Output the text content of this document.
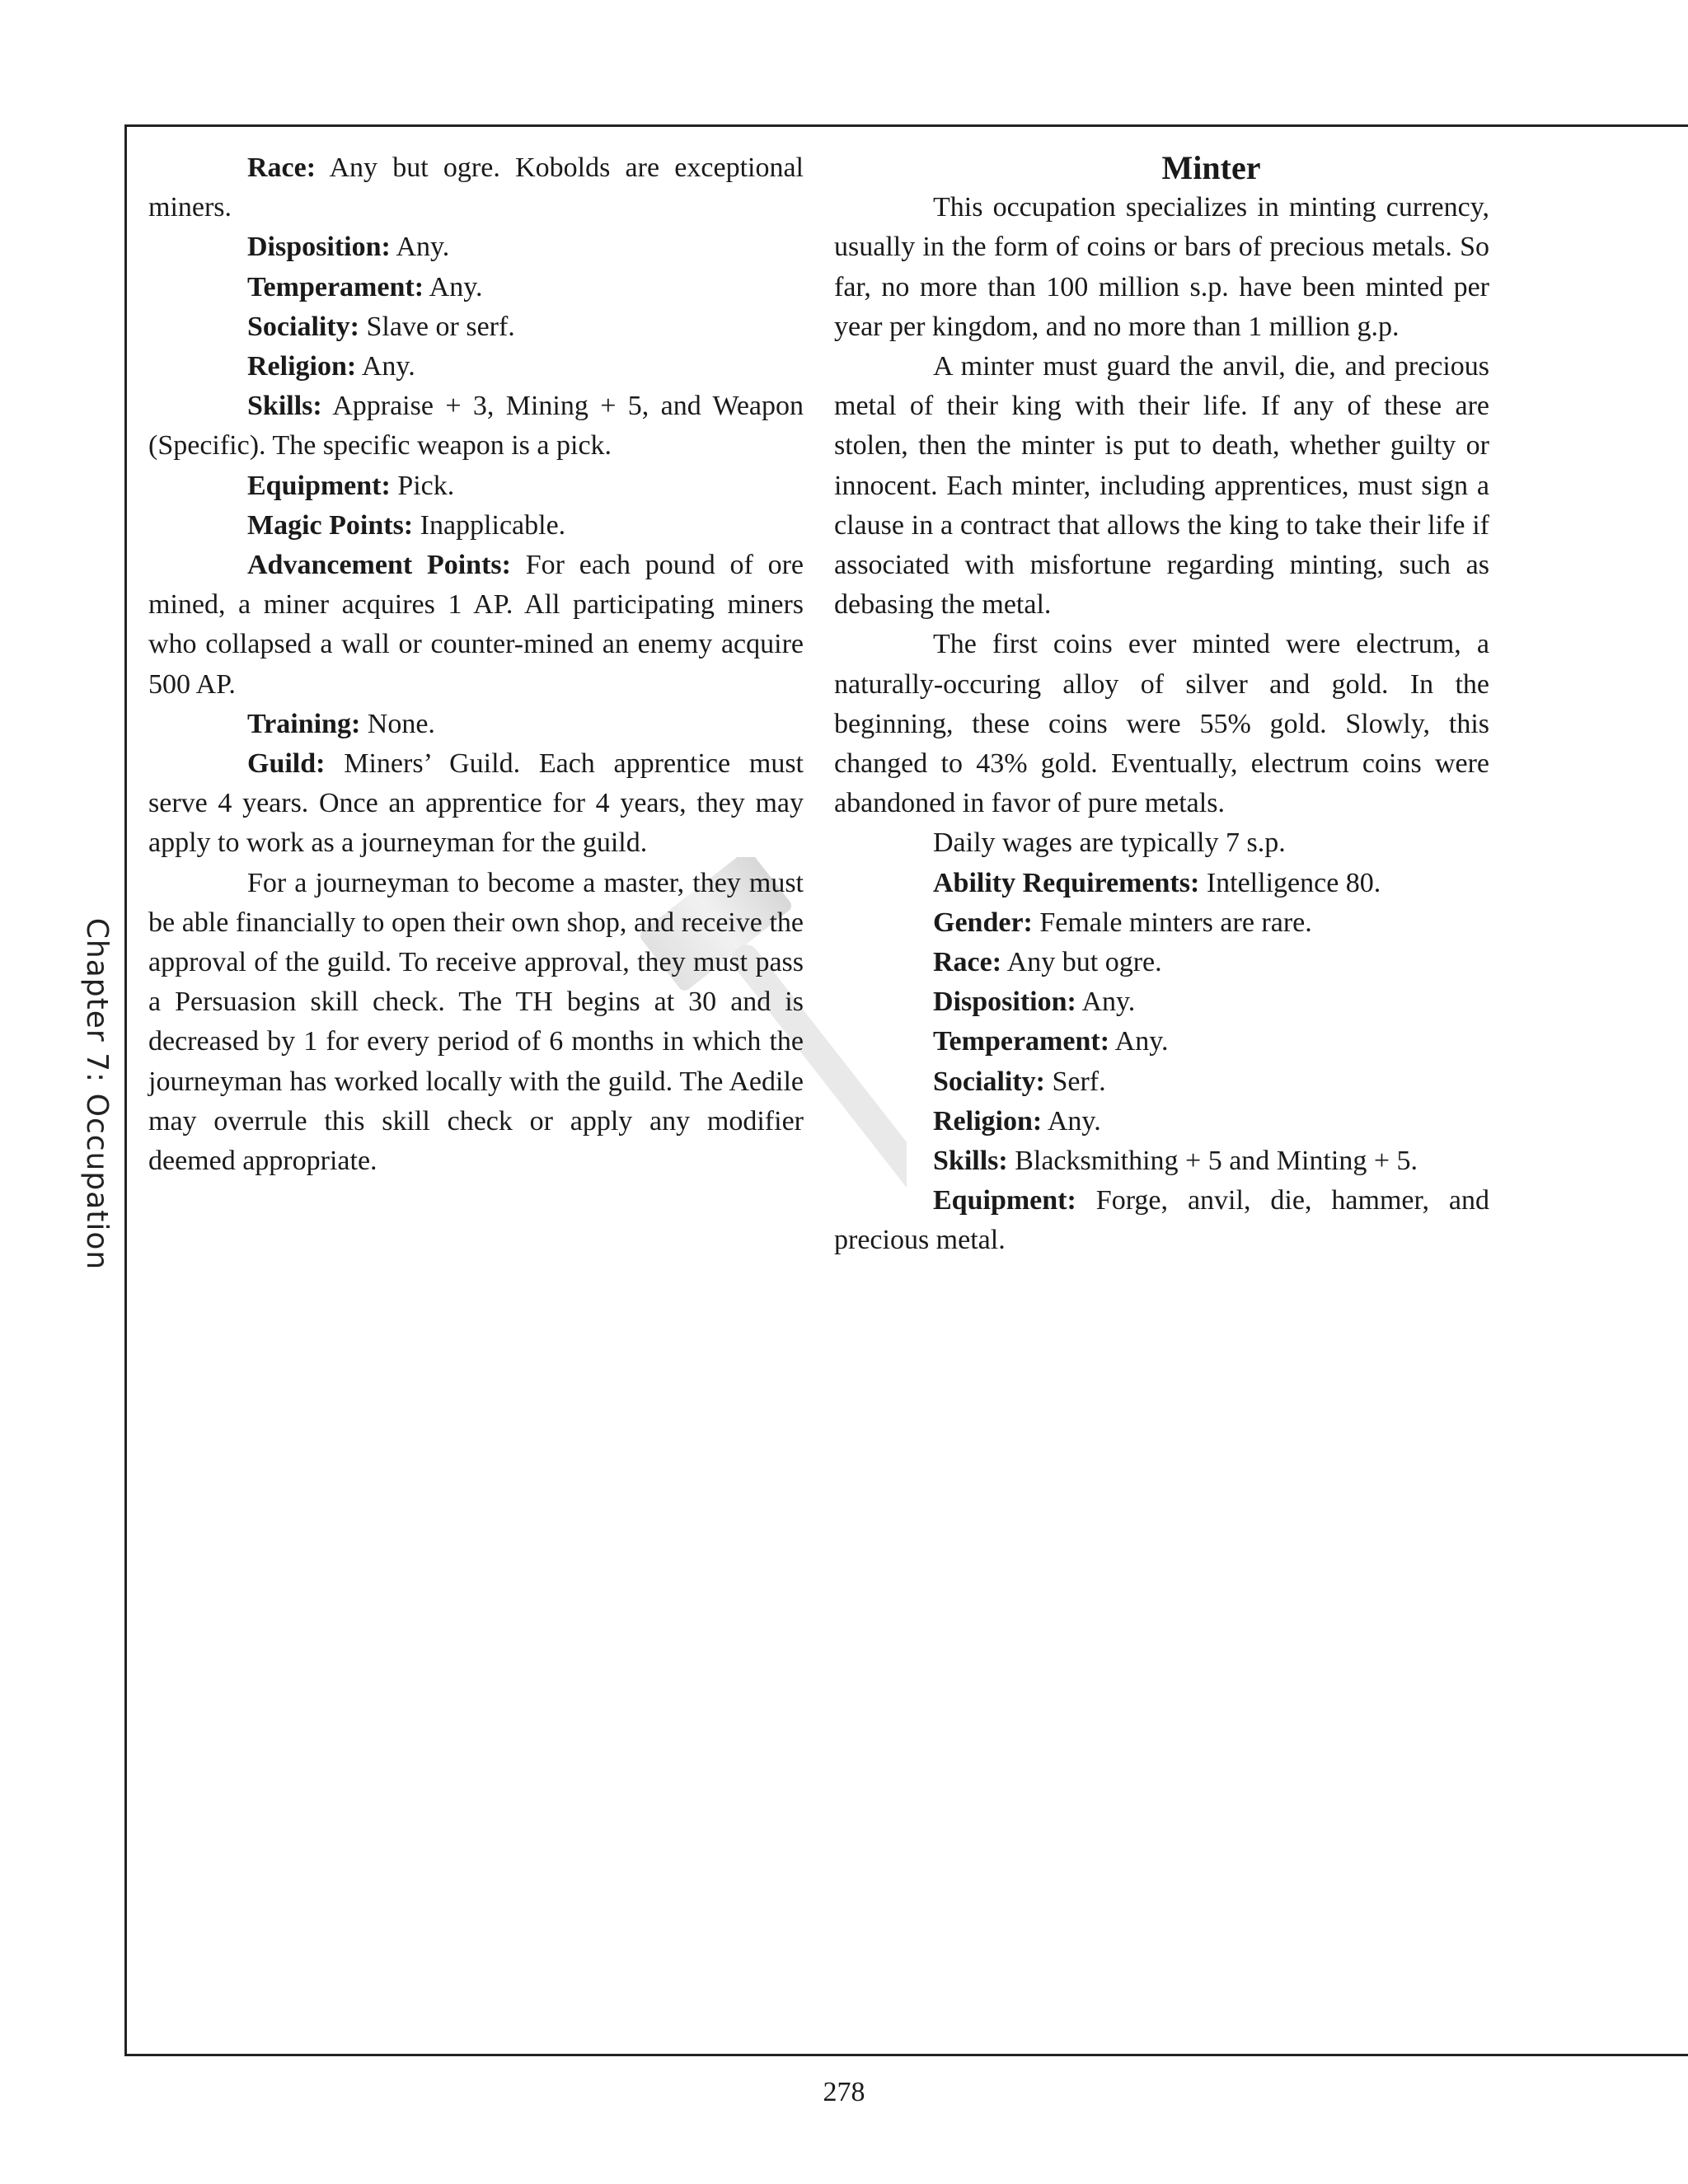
Chapter 7: Occupation

Race: Any but ogre. Kobolds are exceptional miners.

Disposition: Any.

Temperament: Any.

Sociality: Slave or serf.

Religion: Any.

Skills: Appraise + 3, Mining + 5, and Weapon (Specific). The specific weapon is a pick.

Equipment: Pick.

Magic Points: Inapplicable.

Advancement Points: For each pound of ore mined, a miner acquires 1 AP. All participating miners who collapsed a wall or counter-mined an enemy acquire 500 AP.

Training: None.

Guild: Miners’ Guild. Each apprentice must serve 4 years. Once an apprentice for 4 years, they may apply to work as a journeyman for the guild.

For a journeyman to become a master, they must be able financially to open their own shop, and receive the approval of the guild. To receive approval, they must pass a Persuasion skill check. The TH begins at 30 and is decreased by 1 for every period of 6 months in which the journeyman has worked locally with the guild. The Aedile may overrule this skill check or apply any modifier deemed appropriate.

Minter

This occupation specializes in minting currency, usually in the form of coins or bars of precious metals. So far, no more than 100 million s.p. have been minted per year per kingdom, and no more than 1 million g.p.

A minter must guard the anvil, die, and precious metal of their king with their life. If any of these are stolen, then the minter is put to death, whether guilty or innocent. Each minter, including apprentices, must sign a clause in a contract that allows the king to take their life if associated with misfortune regarding minting, such as debasing the metal.

The first coins ever minted were electrum, a naturally-occuring alloy of silver and gold. In the beginning, these coins were 55% gold. Slowly, this changed to 43% gold. Eventually, electrum coins were abandoned in favor of pure metals.

Daily wages are typically 7 s.p.

Ability Requirements: Intelligence 80.

Gender: Female minters are rare.

Race: Any but ogre.

Disposition: Any.

Temperament: Any.

Sociality: Serf.

Religion: Any.

Skills: Blacksmithing + 5 and Minting + 5.

Equipment: Forge, anvil, die, hammer, and precious metal.

278
